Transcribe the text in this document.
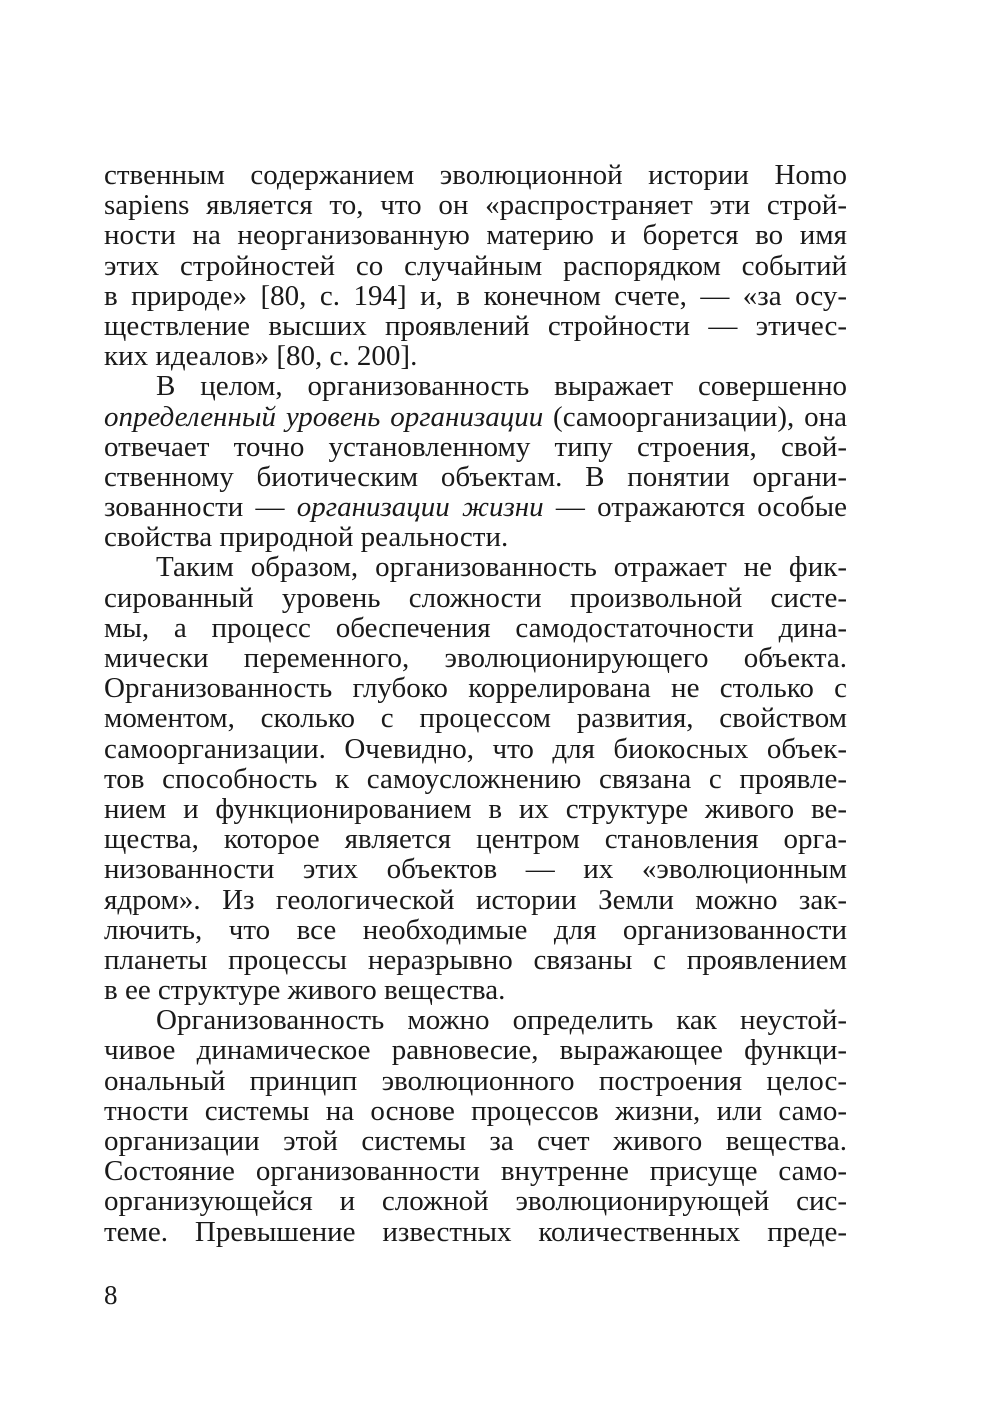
ственным содержанием эволюционной истории Homo
sapiens является то, что он «распространяет эти строй-
ности на неорганизованную материю и борется во имя
этих стройностей со случайным распорядком событий
в природе» [80, с. 194] и, в конечном счете, — «за осу-
ществление высших проявлений стройности — этичес-
ких идеалов» [80, с. 200].
В целом, организованность выражает совершенно
определенный уровень организации (самоорганизации), она
отвечает точно установленному типу строения, свой-
ственному биотическим объектам. В понятии органи-
зованности — организации жизни — отражаются особые
свойства природной реальности.
Таким образом, организованность отражает не фик-
сированный уровень сложности произвольной систе-
мы, а процесс обеспечения самодостаточности дина-
мически переменного, эволюционирующего объекта.
Организованность глубоко коррелирована не столько с
моментом, сколько с процессом развития, свойством
самоорганизации. Очевидно, что для биокосных объек-
тов способность к самоусложнению связана с проявле-
нием и функционированием в их структуре живого ве-
щества, которое является центром становления орга-
низованности этих объектов — их «эволюционным
ядром». Из геологической истории Земли можно зак-
лючить, что все необходимые для организованности
планеты процессы неразрывно связаны с проявлением
в ее структуре живого вещества.
Организованность можно определить как неустой-
чивое динамическое равновесие, выражающее функци-
ональный принцип эволюционного построения целос-
тности системы на основе процессов жизни, или само-
организации этой системы за счет живого вещества.
Состояние организованности внутренне присуще само-
организующейся и сложной эволюционирующей сис-
теме. Превышение известных количественных преде-
8
